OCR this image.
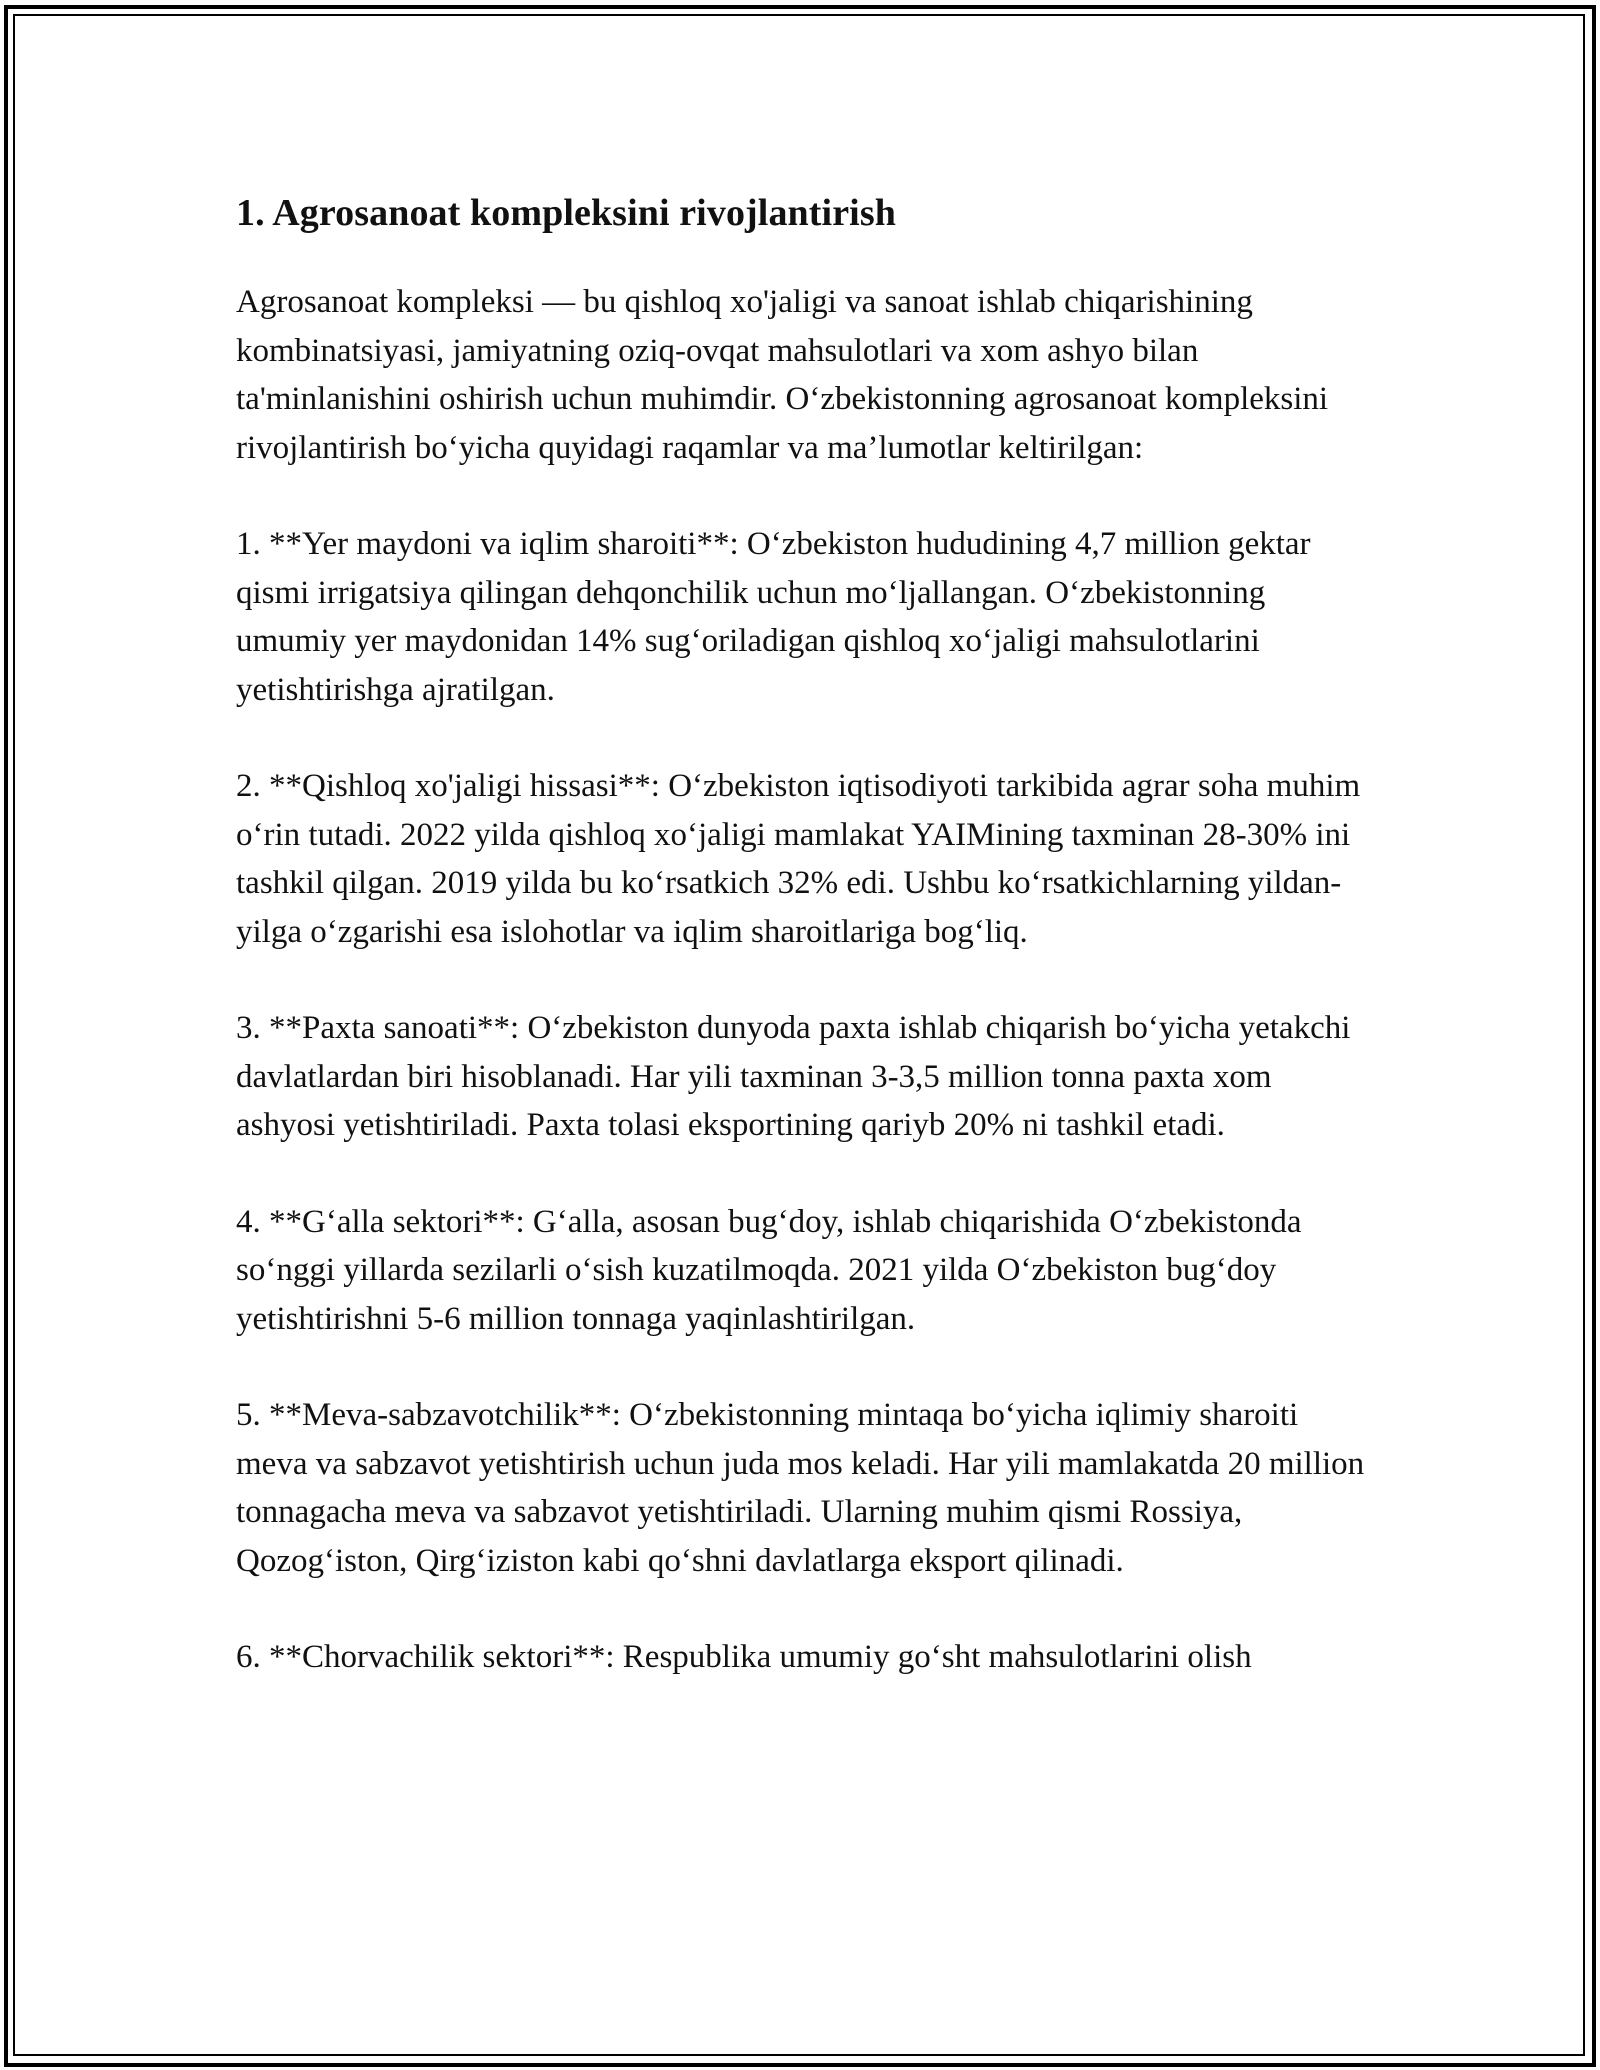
1. Agrosanoat kompleksini rivojlantirish

Agrosanoat kompleksi — bu qishloq xo'jaligi va sanoat ishlab chiqarishining kombinatsiyasi, jamiyatning oziq-ovqat mahsulotlari va xom ashyo bilan ta'minlanishini oshirish uchun muhimdir. O‘zbekistonning agrosanoat kompleksini rivojlantirish bo‘yicha quyidagi raqamlar va ma’lumotlar keltirilgan:

1. **Yer maydoni va iqlim sharoiti**: O‘zbekiston hududining 4,7 million gektar qismi irrigatsiya qilingan dehqonchilik uchun mo‘ljallangan. O‘zbekistonning umumiy yer maydonidan 14% sug‘oriladigan qishloq xo‘jaligi mahsulotlarini yetishtirishga ajratilgan.

2. **Qishloq xo'jaligi hissasi**: O‘zbekiston iqtisodiyoti tarkibida agrar soha muhim o‘rin tutadi. 2022 yilda qishloq xo‘jaligi mamlakat YAIMining taxminan 28-30% ini tashkil qilgan. 2019 yilda bu ko‘rsatkich 32% edi. Ushbu ko‘rsatkichlarning yildan-yilga o‘zgarishi esa islohotlar va iqlim sharoitlariga bog‘liq.

3. **Paxta sanoati**: O‘zbekiston dunyoda paxta ishlab chiqarish bo‘yicha yetakchi davlatlardan biri hisoblanadi. Har yili taxminan 3-3,5 million tonna paxta xom ashyosi yetishtiriladi. Paxta tolasi eksportining qariyb 20% ni tashkil etadi.

4. **G‘alla sektori**: G‘alla, asosan bug‘doy, ishlab chiqarishida O‘zbekistonda so‘nggi yillarda sezilarli o‘sish kuzatilmoqda. 2021 yilda O‘zbekiston bug‘doy yetishtirishni 5-6 million tonnaga yaqinlashtirilgan.

5. **Meva-sabzavotchilik**: O‘zbekistonning mintaqa bo‘yicha iqlimiy sharoiti meva va sabzavot yetishtirish uchun juda mos keladi. Har yili mamlakatda 20 million tonnagacha meva va sabzavot yetishtiriladi. Ularning muhim qismi Rossiya, Qozog‘iston, Qirg‘iziston kabi qo‘shni davlatlarga eksport qilinadi.

6. **Chorvachilik sektori**: Respublika umumiy go‘sht mahsulotlarini olish
